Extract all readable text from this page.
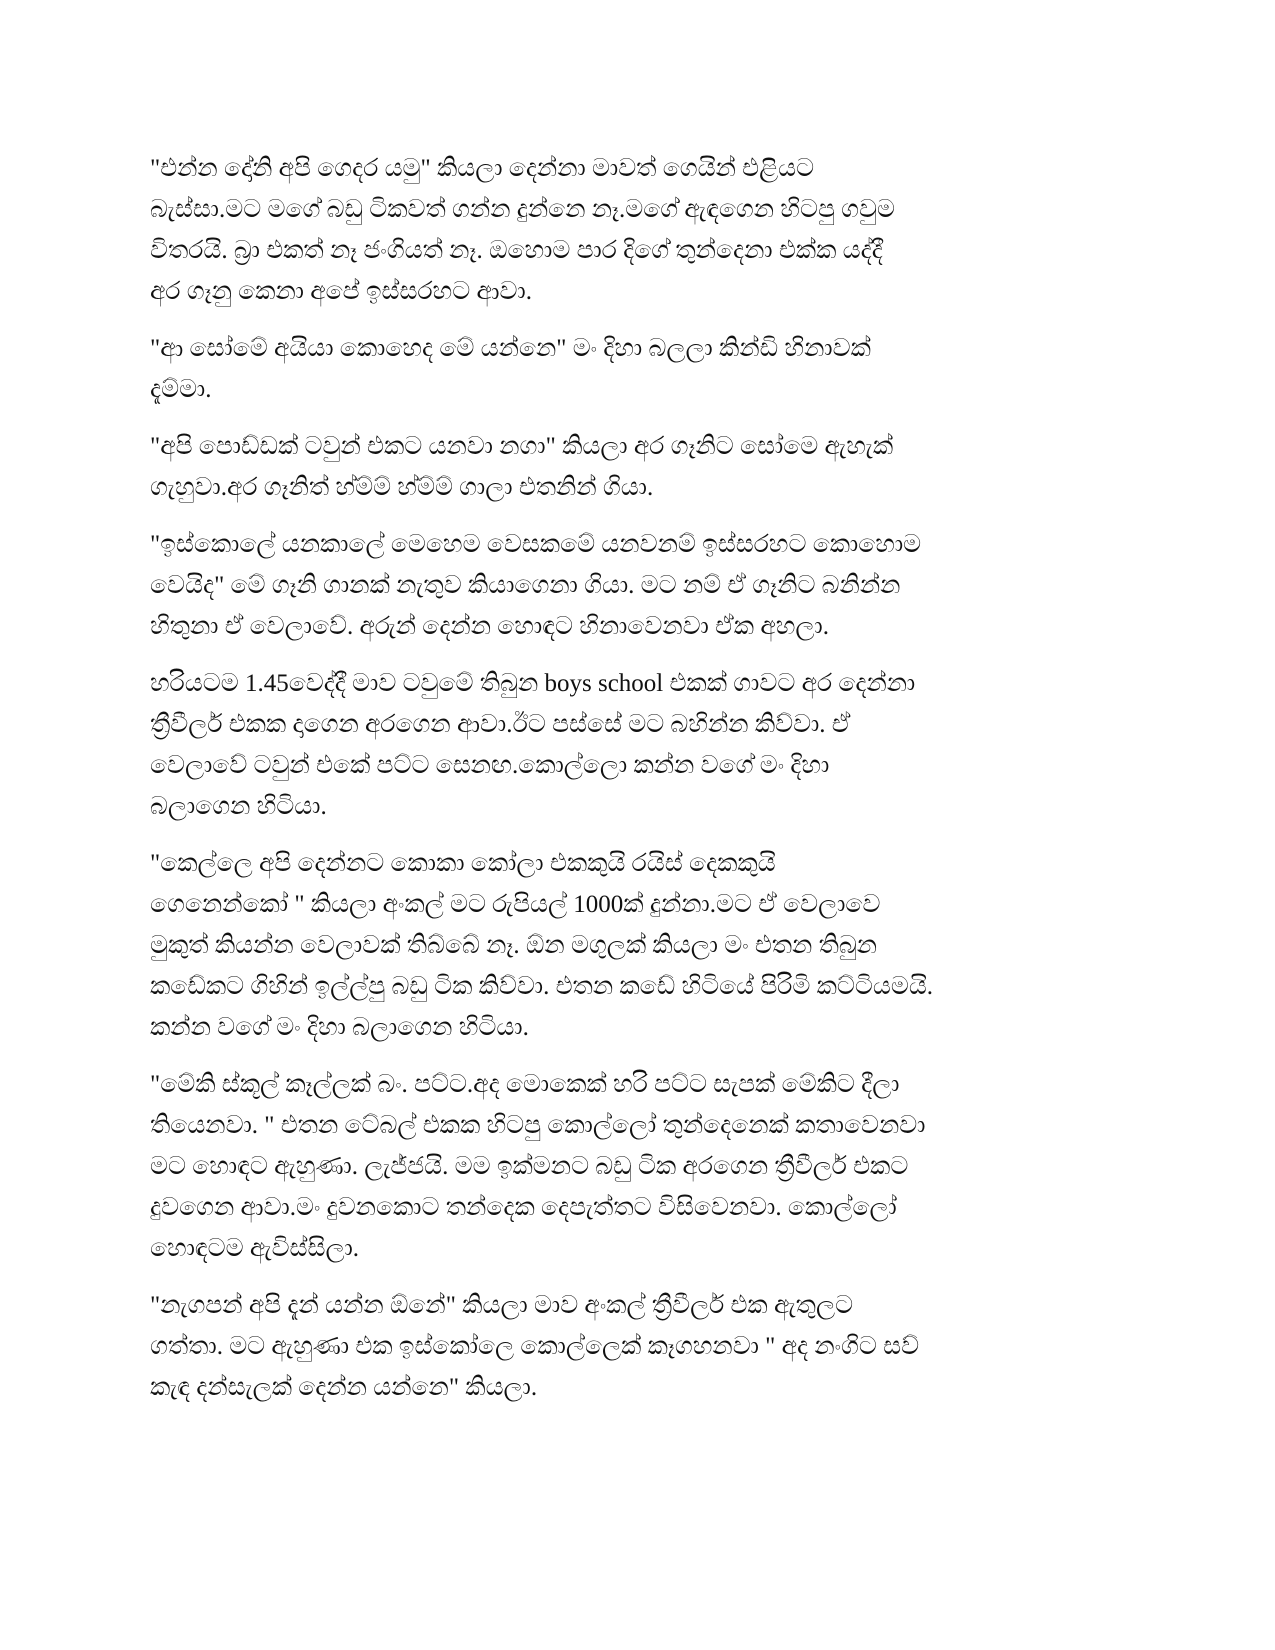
"එන්න දෝනි අපි ගෙදර යමු" කියලා දෙන්නා මාවත් ගෙයින් එළියට
බැස්සා.මට මගේ බඩු ටිකවත් ගන්න දුන්නෙ නෑ.මගේ ඇඳගෙන හිටපු ගවුම
විතරයි. බ්‍රා එකත් නෑ ජංගියත් නෑ. ඔහොම පාර දිගේ තුන්දෙනා එක්ක යද්දී
අර ගෑනු කෙනා අපේ ඉස්සරහට ආවා.

"ආ සෝමේ අයියා කොහෙද මේ යන්නෙ" මං දිහා බලලා කින්ඩි හිනාවක්
දැම්මා.

"අපි පොඩ්ඩක් ටවුන් එකට යනවා නගා" කියලා අර ගෑනිට සෝමෙ ඇහැක්
ගැහුවා.අර ගෑනිත් හ්ම්ම් හ්ම්ම් ගාලා එතනින් ගියා.

"ඉස්කොලේ යනකාලේ මෙහෙම වෙසකමේ යනවනම් ඉස්සරහට කොහොම
වෙයිද" මේ ගෑනි ගානක් නැතුව කියාගෙනා ගියා. මට නම් ඒ ගෑනිට බනින්න
හිතුනා ඒ වෙලාවේ. අරුන් දෙන්න හොඳට හිනාවෙනවා ඒක අහලා.

හරියටම 1.45වෙද්දී මාව ටවුමේ තිබුන boys school එකක් ගාවට අර දෙන්නා
ත්‍රීවීලර් එකක දාගෙන අරගෙන ආවා.ඊට පස්සේ මට බහින්න කිව්වා. ඒ
වෙලාවේ ටවුන් එකේ පට්ට සෙනඟ.කොල්ලො කන්න වගේ මං දිහා
බලාගෙන හිටියා.

"කෙල්ලෙ අපි දෙන්නට කොකා කෝලා එකකුයි රයිස් දෙකකුයි
ගෙනෙන්කෝ " කියලා අංකල් මට රුපියල් 1000ක් දුන්නා.මට ඒ වෙලාවෙ
මුකුත් කියන්න වෙලාවක් තිබ්බේ නෑ. ඕන මගුලක් කියලා මං එතන තිබුන
කඩේකට ගිහින් ඉල්ල්පු බඩු ටික කිව්වා. එතන කඩේ හිටියේ පිරිමි කට්ටියමයි.
කන්න වගේ මං දිහා බලාගෙන හිටියා.

"මේකි ස්කූල් කෑල්ලක් බං. පට්ට.අද මොකෙක් හරි පට්ට සැපක් මේකිට දීලා
තියෙනවා. " එතන ටේබල් එකක හිටපු කොල්ලෝ තුන්දෙනෙක් කතාවෙනවා
මට හොඳට ඇහුණා. ලැජ්ජයි. මම ඉක්මනට බඩු ටික අරගෙන ත්‍රීවීලර් එකට
දුවගෙන ආවා.මං දුවනකොට තන්දෙක දෙපැත්තට විසිවෙනවා. කොල්ලෝ
හොඳටම ඇවිස්සිලා.

"නැගපන් අපි දැන් යන්න ඕනේ" කියලා මාව අංකල් ත්‍රීවීලර් එක ඇතුලට
ගත්තා. මට ඇහුණා එක ඉස්කෝලෙ කොල්ලෙක් කෑගහනවා " අද නංගිට සව්
කැඳ දන්සැලක් දෙන්න යන්නෙ" කියලා.
